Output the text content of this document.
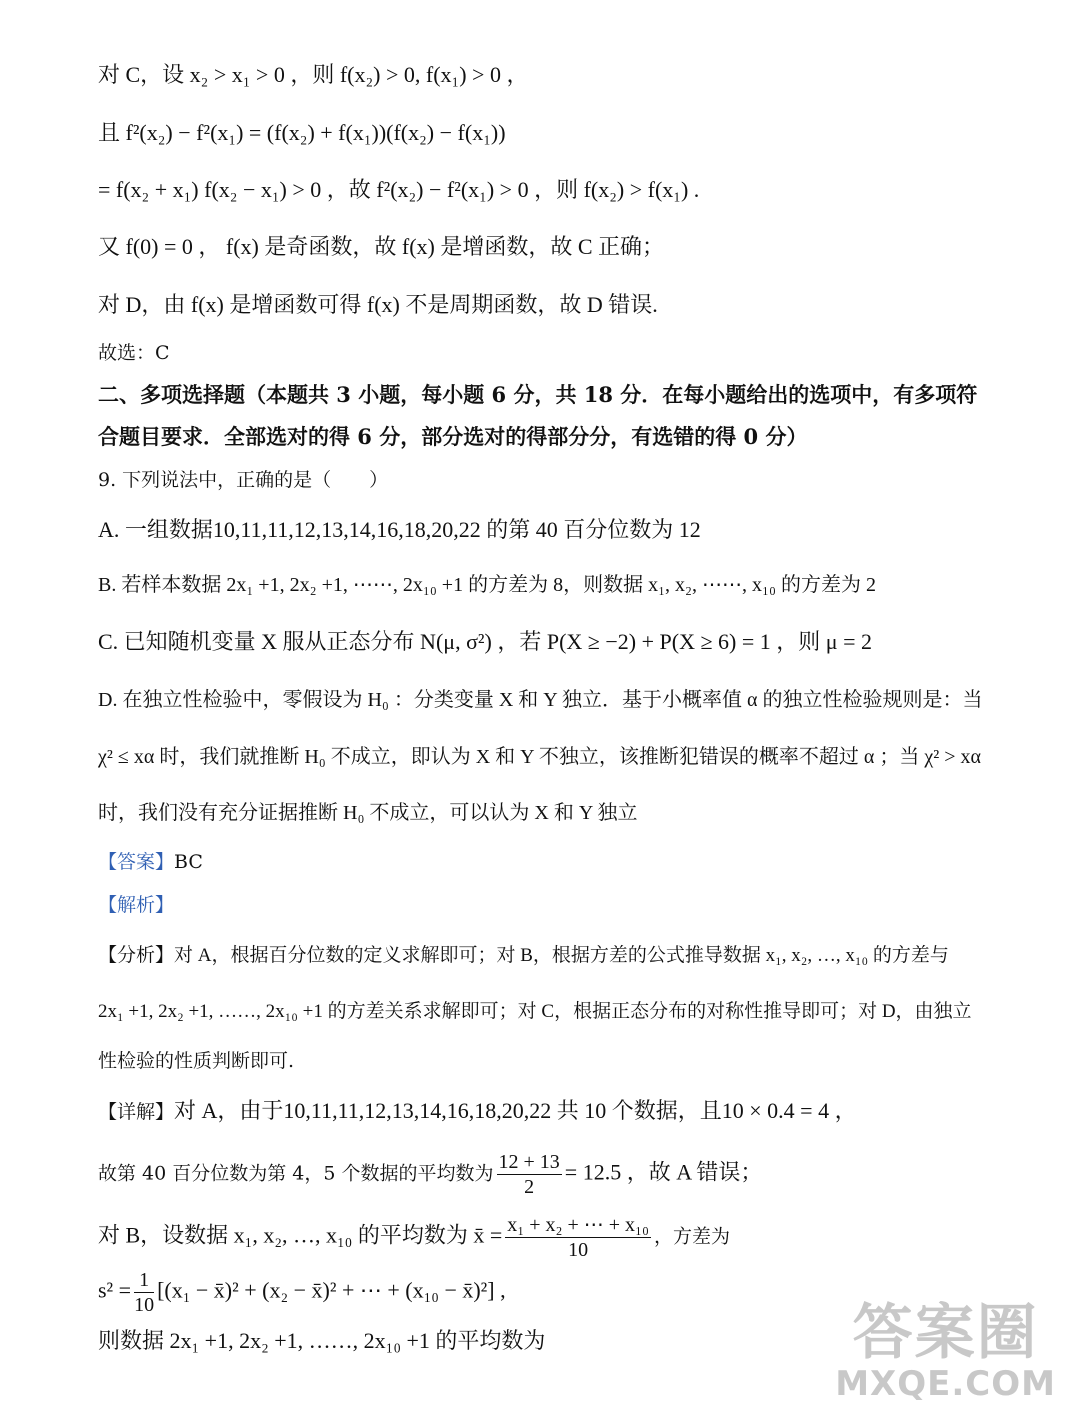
对 C，设 x₂ > x₁ > 0 ，则 f(x₂) > 0, f(x₁) > 0 ，
且 f²(x₂) − f²(x₁) = (f(x₂) + f(x₁))(f(x₂) − f(x₁))
= f(x₂ + x₁) f(x₂ − x₁) > 0 ，故 f²(x₂) − f²(x₁) > 0 ，则 f(x₂) > f(x₁) .
又 f(0) = 0 ， f(x) 是奇函数，故 f(x) 是增函数，故 C 正确；
对 D，由 f(x) 是增函数可得 f(x) 不是周期函数，故 D 错误.
故选：C
二、多项选择题（本题共 3 小题，每小题 6 分，共 18 分．在每小题给出的选项中，有多项符
合题目要求．全部选对的得 6 分，部分选对的得部分分，有选错的得 0 分）
9. 下列说法中，正确的是（　　）
A. 一组数据10,11,11,12,13,14,16,18,20,22 的第 40 百分位数为 12
B. 若样本数据 2x₁ +1, 2x₂ +1, ⋯⋯, 2x₁₀ +1 的方差为 8，则数据 x₁, x₂, ⋯⋯, x₁₀ 的方差为 2
C. 已知随机变量 X 服从正态分布 N(μ, σ²) ，若 P(X ≥ −2) + P(X ≥ 6) = 1 ，则 μ = 2
D. 在独立性检验中，零假设为 H₀ ：分类变量 X 和 Y 独立．基于小概率值 α 的独立性检验规则是：当
χ² ≤ xα 时，我们就推断 H₀ 不成立，即认为 X 和 Y 不独立，该推断犯错误的概率不超过 α ；当 χ² > xα
时，我们没有充分证据推断 H₀ 不成立，可以认为 X 和 Y 独立
【答案】BC
【解析】
【分析】对 A，根据百分位数的定义求解即可；对 B，根据方差的公式推导数据 x₁, x₂, …, x₁₀ 的方差与
2x₁ +1, 2x₂ +1, ……, 2x₁₀ +1 的方差关系求解即可；对 C，根据正态分布的对称性推导即可；对 D，由独立
性检验的性质判断即可.
【详解】对 A，由于10,11,11,12,13,14,16,18,20,22 共 10 个数据，且10 × 0.4 = 4 ，
故第 40 百分位数为第 4，5 个数据的平均数为 $\frac{12 + 13}{2} = 12.5$ ，故 A 错误；
对 B，设数据 x₁, x₂, …, x₁₀ 的平均数为 x̄ = $\frac{\text{x₁ + x₂ + ⋯ + x₁₀}}{10}$ ，方差为
$s^2 = \frac{1}{10} [(x_1$ − x̄)² + (x₂ − x̄)² + ⋯ + (x₁₀ − x̄)²] ,
则数据 2x₁ +1, 2x₂ +1, ……, 2x₁₀ +1 的平均数为	答案圈
MXQE.COM
